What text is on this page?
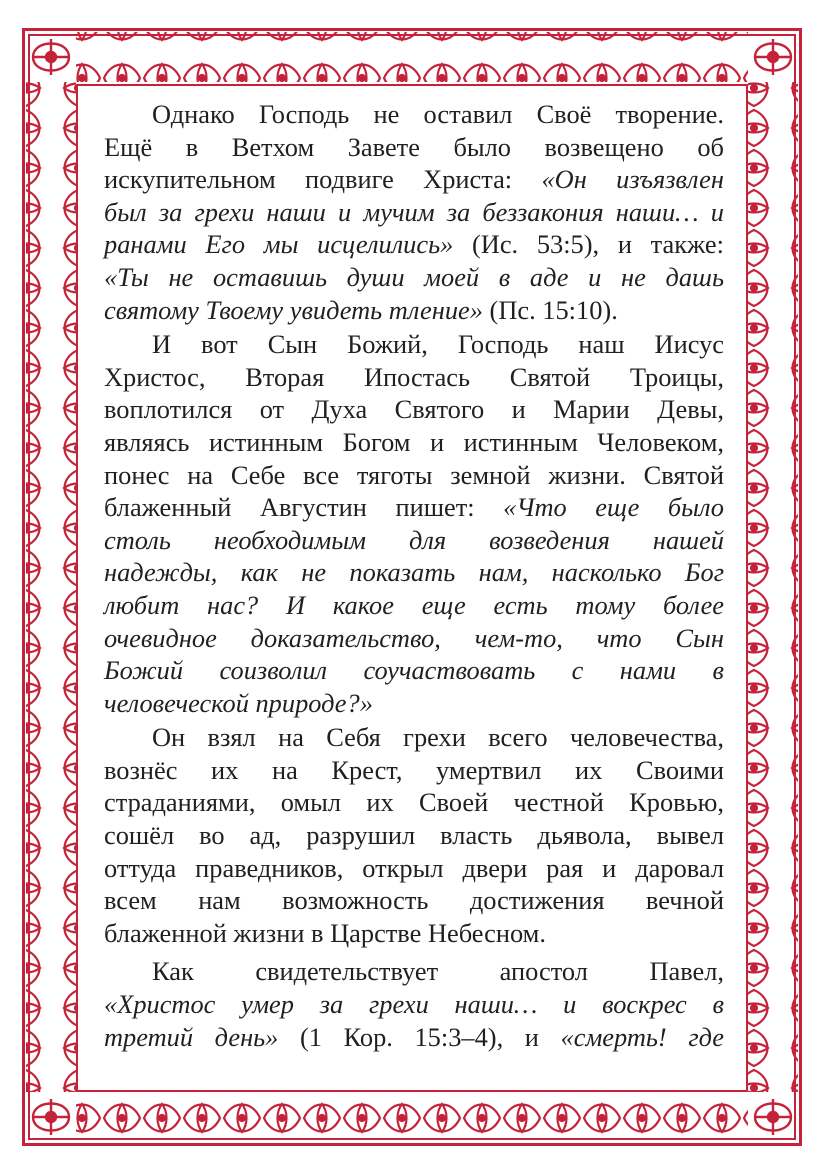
Однако Господь не оставил Своё творение.
Ещё в Ветхом Завете было возвещено об
искупительном подвиге Христа: «Он изъязвлен
был за грехи наши и мучим за беззакония наши… и
ранами Его мы исцелились» (Ис. 53:5), и также:
«Ты не оставишь души моей в аде и не дашь
святому Твоему увидеть тление» (Пс. 15:10).
И вот Сын Божий, Господь наш Иисус
Христос, Вторая Ипостась Святой Троицы,
воплотился от Духа Святого и Марии Девы,
являясь истинным Богом и истинным Человеком,
понес на Себе все тяготы земной жизни. Святой
блаженный Августин пишет: «Что еще было
столь необходимым для возведения нашей
надежды, как не показать нам, насколько Бог
любит нас? И какое еще есть тому более
очевидное доказательство, чем-то, что Сын
Божий соизволил соучаствовать с нами в
человеческой природе?»
Он взял на Себя грехи всего человечества,
вознёс их на Крест, умертвил их Своими
страданиями, омыл их Своей честной Кровью,
сошёл во ад, разрушил власть дьявола, вывел
оттуда праведников, открыл двери рая и даровал
всем нам возможность достижения вечной
блаженной жизни в Царстве Небесном.
Как свидетельствует апостол Павел,
«Христос умер за грехи наши… и воскрес в
третий день» (1 Кор. 15:3–4), и «смерть! где
